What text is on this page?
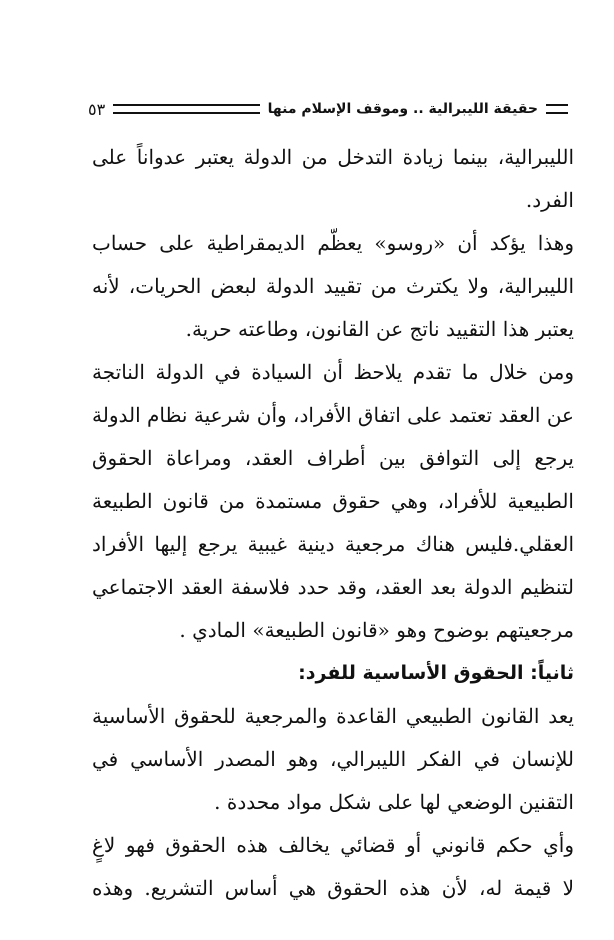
حقيقة الليبرالية .. وموقف الإسلام منها
٥٣
الليبرالية، بينما زيادة التدخل من الدولة يعتبر عدواناً على
الفرد.
وهذا يؤكد أن «روسو» يعظّم الديمقراطية على حساب
الليبرالية، ولا يكترث من تقييد الدولة لبعض الحريات، لأنه
يعتبر هذا التقييد ناتج عن القانون، وطاعته حرية.
ومن خلال ما تقدم يلاحظ أن السيادة في الدولة الناتجة
عن العقد تعتمد على اتفاق الأفراد، وأن شرعية نظام الدولة
يرجع إلى التوافق بين أطراف العقد، ومراعاة الحقوق
الطبيعية للأفراد، وهي حقوق مستمدة من قانون الطبيعة
العقلي.فليس هناك مرجعية دينية غيبية يرجع إليها الأفراد
لتنظيم الدولة بعد العقد، وقد حدد فلاسفة العقد الاجتماعي
مرجعيتهم بوضوح وهو «قانون الطبيعة» المادي .
ثانياً: الحقوق الأساسية للفرد:
يعد القانون الطبيعي القاعدة والمرجعية للحقوق الأساسية
للإنسان في الفكر الليبرالي، وهو المصدر الأساسي في
التقنين الوضعي لها على شكل مواد محددة .
وأي حكم قانوني أو قضائي يخالف هذه الحقوق فهو لاغٍ
لا قيمة له، لأن هذه الحقوق هي أساس التشريع. وهذه
